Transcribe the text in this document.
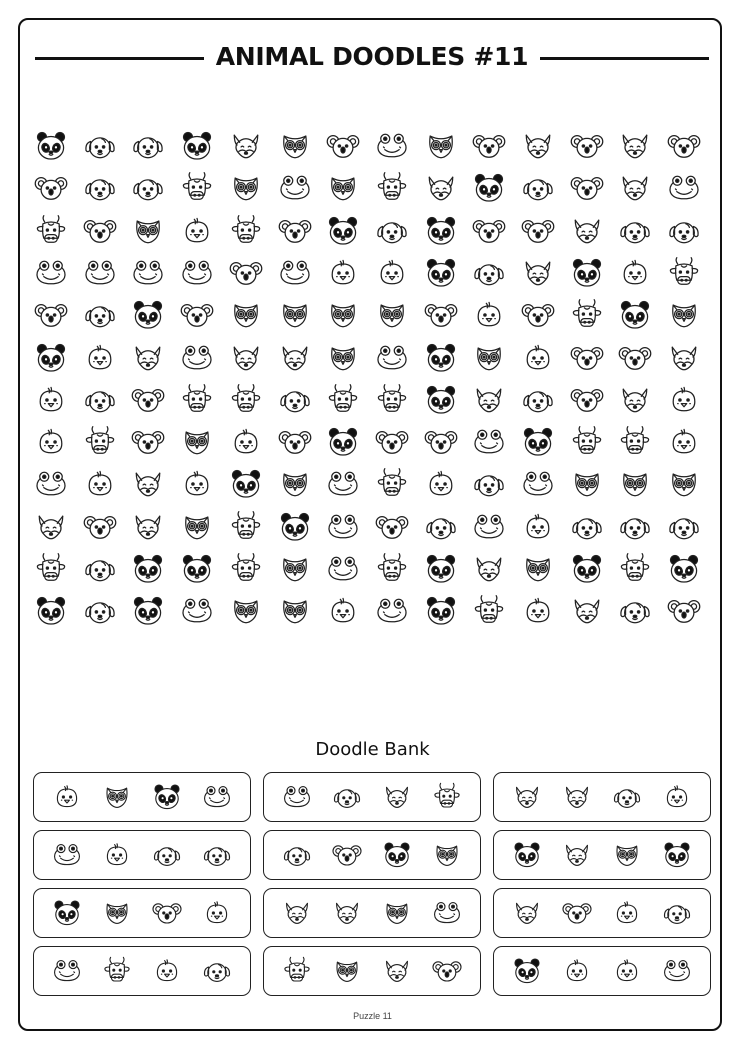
ANIMAL DOODLES #11
Doodle Bank
Puzzle 11
